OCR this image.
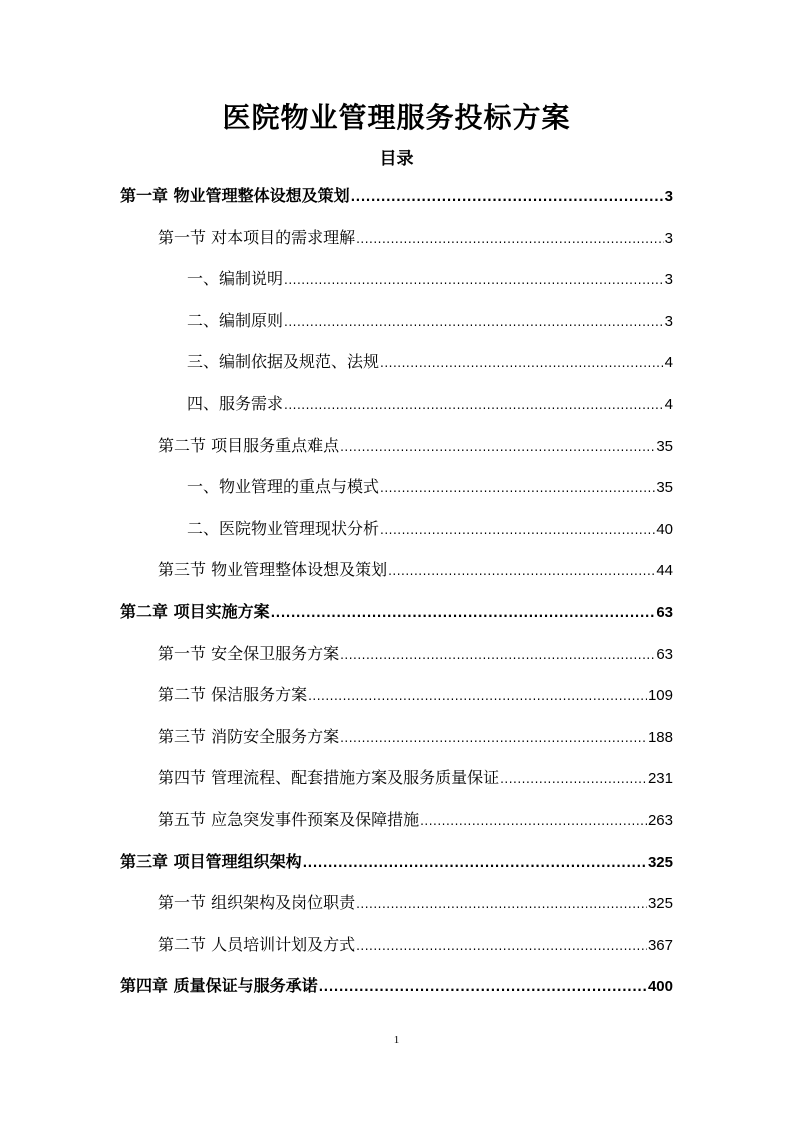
医院物业管理服务投标方案
目录
第一章 物业管理整体设想及策划 .....	3
第一节 对本项目的需求理解 .....	3
一、编制说明 .....	3
二、编制原则 .....	3
三、编制依据及规范、法规 .....	4
四、服务需求 .....	4
第二节 项目服务重点难点 .....	35
一、物业管理的重点与模式 .....	35
二、医院物业管理现状分析 .....	40
第三节 物业管理整体设想及策划 .....	44
第二章 项目实施方案 .....	63
第一节 安全保卫服务方案 .....	63
第二节 保洁服务方案 .....	109
第三节 消防安全服务方案 .....	188
第四节 管理流程、配套措施方案及服务质量保证 .....	231
第五节 应急突发事件预案及保障措施 .....	263
第三章 项目管理组织架构 .....	325
第一节 组织架构及岗位职责 .....	325
第二节 人员培训计划及方式 .....	367
第四章 质量保证与服务承诺 .....	400
1
